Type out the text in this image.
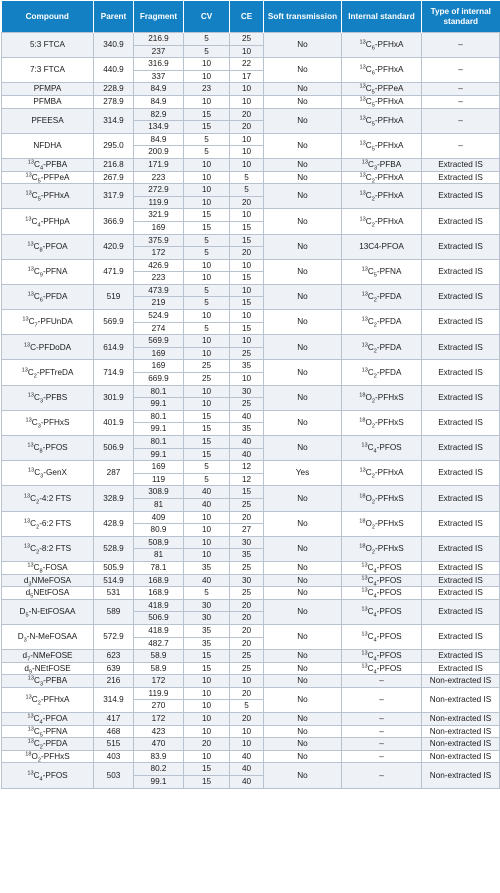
Compound	Parent	Fragment	CV	CE	Soft transmission	Internal standard	Type of internal standard
5:3 FTCA	340.9	216.9	5	25	No	$^{13}C_6$-PFHxA	–
		237	5	10			
7:3 FTCA	440.9	316.9	10	22	No	$^{13}C_6$-PFHxA	–
		337	10	17			
PFMPA	228.9	84.9	23	10	No	$^{13}C_5$-PFPeA	–
PFMBA	278.9	84.9	10	10	No	$^{13}C_5$-PFHxA	–
PFEESA	314.9	82.9	15	20	No	$^{13}C_5$-PFHxA	–
		134.9	15	20			
NFDHA	295.0	84.9	5	10	No	$^{13}C_5$-PFHxA	–
		200.9	5	10			
$^{13}C_4$-PFBA	216.8	171.9	10	10	No	$^{13}C_3$-PFBA	Extracted IS
$^{13}C_5$-PFPeA	267.9	223	10	5	No	$^{13}C_2$-PFHxA	Extracted IS
$^{13}C_5$-PFHxA	317.9	272.9	10	5	No	$^{13}C_2$-PFHxA	Extracted IS
		119.9	10	20			
$^{13}C_4$-PFHpA	366.9	321.9	15	10	No	$^{13}C_2$-PFHxA	Extracted IS
		169	15	15			
$^{13}C_8$-PFOA	420.9	375.9	5	15	No	13C4-PFOA	Extracted IS
		172	5	20			
$^{13}C_9$-PFNA	471.9	426.9	10	10	No	$^{13}C_5$-PFNA	Extracted IS
		223	10	15			
$^{13}C_6$-PFDA	519	473.9	5	10	No	$^{13}C_2$-PFDA	Extracted IS
		219	5	15			
$^{13}C_7$-PFUnDA	569.9	524.9	10	10	No	$^{13}C_2$-PFDA	Extracted IS
		274	5	15			
$^{13}$C-PFDoDA	614.9	569.9	10	10	No	$^{13}C_2$-PFDA	Extracted IS
		169	10	25			
$^{13}C_2$-PFTreDA	714.9	169	25	35	No	$^{13}C_2$-PFDA	Extracted IS
		669.9	25	10			
$^{13}C_3$-PFBS	301.9	80.1	10	30	No	$^{18}O_2$-PFHxS	Extracted IS
		99.1	10	25			
$^{13}C_3$-PFHxS	401.9	80.1	15	40	No	$^{18}O_2$-PFHxS	Extracted IS
		99.1	15	35			
$^{13}C_8$-PFOS	506.9	80.1	15	40	No	$^{13}C_4$-PFOS	Extracted IS
		99.1	15	40			
$^{13}C_3$-GenX	287	169	5	12	Yes	$^{13}C_2$-PFHxA	Extracted IS
		119	5	12			
$^{13}C_2-4:2$ FTS	328.9	308.9	40	15	No	$^{18}O_2$-PFHxS	Extracted IS
		81	40	25			
$^{13}C_2-6:2$ FTS	428.9	409	10	20	No	$^{18}O_2$-PFHxS	Extracted IS
		80.9	10	27			
$^{13}C_2-8:2$ FTS	528.9	508.9	10	30	No	$^{18}O_2$-PFHxS	Extracted IS
		81	10	35			
$^{13}C_8$-FOSA	505.9	78.1	35	25	No	$^{13}C_4$-PFOS	Extracted IS
$d_3NMeFOSA$	514.9	168.9	40	30	No	$^{13}C_4$-PFOS	Extracted IS
$d_5NEtFOSA$	531	168.9	5	25	No	$^{13}C_4$-PFOS	Extracted IS
$D_5-N$-EtFOSAA	589	418.9	30	20	No	$^{13}C_4$-PFOS	Extracted IS
		506.9	30	20			
$D_3-N$-MeFOSAA	572.9	418.9	35	20	No	$^{13}C_4$-PFOS	Extracted IS
		482.7	35	20			
$d_7$-NMeFOSE	623	58.9	15	25	No	$^{13}C_4$-PFOS	Extracted IS
$d_9$-NEtFOSE	639	58.9	15	25	No	$^{13}C_4$-PFOS	Extracted IS
$^{13}C_3$-PFBA	216	172	10	10	No	–	Non-extracted IS
$^{13}C_2$-PFHxA	314.9	119.9	10	20	No	–	Non-extracted IS
		270	10	5			
$^{13}C_4$-PFOA	417	172	10	20	No	–	Non-extracted IS
$^{13}C_5$-PFNA	468	423	10	10	No	–	Non-extracted IS
$^{13}C_2$-PFDA	515	470	20	10	No	–	Non-extracted IS
$^{18}O_2$-PFHxS	403	83.9	10	40	No	–	Non-extracted IS
$^{13}C_4$-PFOS	503	80.2	15	40	No	–	Non-extracted IS
		99.1	15	40			
